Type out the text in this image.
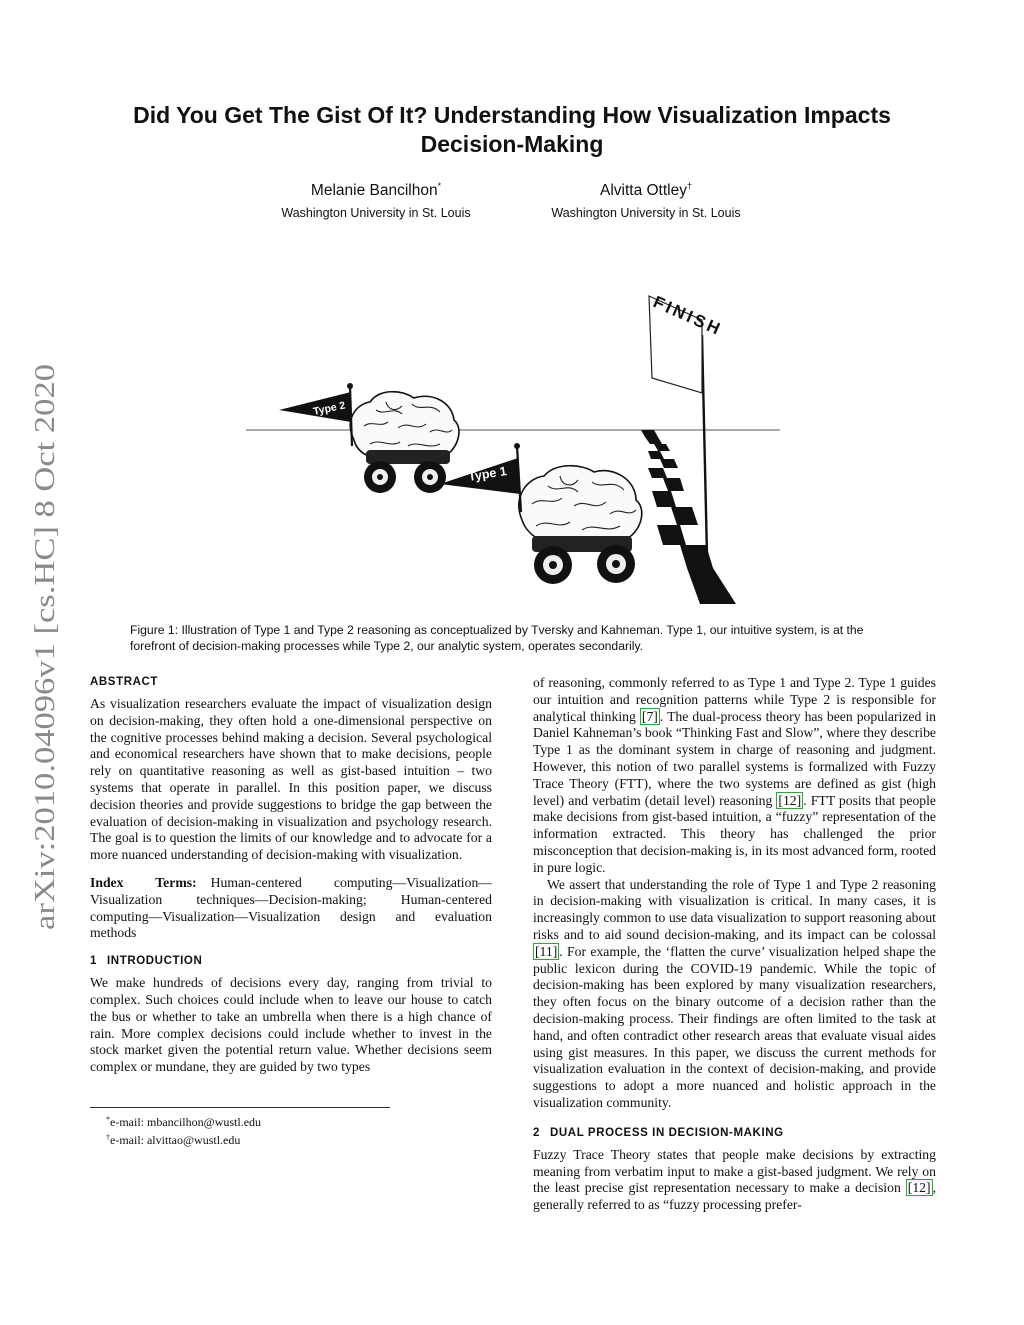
arXiv:2010.04096v1 [cs.HC] 8 Oct 2020
Did You Get The Gist Of It? Understanding How Visualization Impacts Decision-Making
Melanie Bancilhon*
Washington University in St. Louis
Alvitta Ottley†
Washington University in St. Louis
FINISH
Type 2
Type 1

Figure 1: Illustration of Type 1 and Type 2 reasoning as conceptualized by Tversky and Kahneman. Type 1, our intuitive system, is at the forefront of decision-making processes while Type 2, our analytic system, operates secondarily.

ABSTRACT

As visualization researchers evaluate the impact of visualization design on decision-making, they often hold a one-dimensional perspective on the cognitive processes behind making a decision. Several psychological and economical researchers have shown that to make decisions, people rely on quantitative reasoning as well as gist-based intuition – two systems that operate in parallel. In this position paper, we discuss decision theories and provide suggestions to bridge the gap between the evaluation of decision-making in visualization and psychology research. The goal is to question the limits of our knowledge and to advocate for a more nuanced understanding of decision-making with visualization.

Index Terms: Human-centered computing—Visualization—Visualization techniques—Decision-making; Human-centered computing—Visualization—Visualization design and evaluation methods

1 INTRODUCTION

We make hundreds of decisions every day, ranging from trivial to complex. Such choices could include when to leave our house to catch the bus or whether to take an umbrella when there is a high chance of rain. More complex decisions could include whether to invest in the stock market given the potential return value. Whether decisions seem complex or mundane, they are guided by two types

of reasoning, commonly referred to as Type 1 and Type 2. Type 1 guides our intuition and recognition patterns while Type 2 is responsible for analytical thinking [7] . The dual-process theory has been popularized in Daniel Kahneman’s book “Thinking Fast and Slow”, where they describe Type 1 as the dominant system in charge of reasoning and judgment. However, this notion of two parallel systems is formalized with Fuzzy Trace Theory (FTT), where the two systems are defined as gist (high level) and verbatim (detail level) reasoning [12] . FTT posits that people make decisions from gist-based intuition, a “fuzzy” representation of the information extracted. This theory has challenged the prior misconception that decision-making is, in its most advanced form, rooted in pure logic.

We assert that understanding the role of Type 1 and Type 2 reasoning in decision-making with visualization is critical. In many cases, it is increasingly common to use data visualization to support reasoning about risks and to aid sound decision-making, and its impact can be colossal [11] . For example, the ‘flatten the curve’ visualization helped shape the public lexicon during the COVID-19 pandemic. While the topic of decision-making has been explored by many visualization researchers, they often focus on the binary outcome of a decision rather than the decision-making process. Their findings are often limited to the task at hand, and often contradict other research areas that evaluate visual aides using gist measures. In this paper, we discuss the current methods for visualization evaluation in the context of decision-making, and provide suggestions to adopt a more nuanced and holistic approach in the visualization community.

2 DUAL PROCESS IN DECISION-MAKING

Fuzzy Trace Theory states that people make decisions by extracting meaning from verbatim input to make a gist-based judgment. We rely on the least precise gist representation necessary to make a decision [12] , generally referred to as “fuzzy processing prefer-

*e-mail: mbancilhon@wustl.edu
†e-mail: alvittao@wustl.edu
